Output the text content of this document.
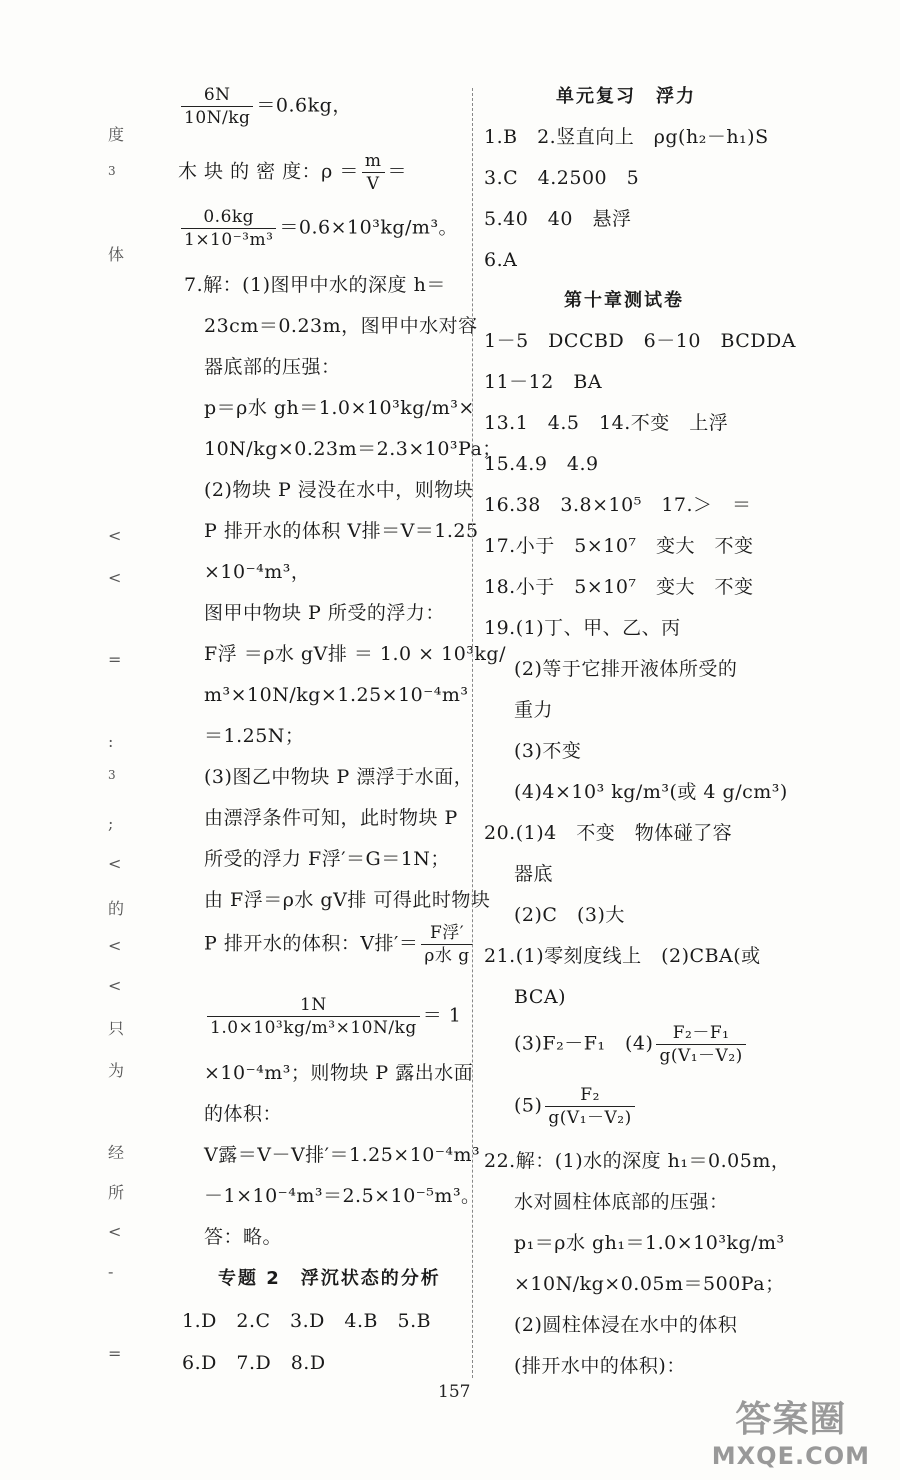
度
3
体
<
<
=
:
3
;
<
的
<
<
只
为
经
所
<
-
=
$\frac{6N}{10N/kg} =0.6kg$，
木 块 的 密 度：$\rho = \frac{m}{V}$ ＝
$\frac{0.6kg}{\text{1×10⁻³m³}} =0.6\times 10^3kg/m^3$。
7.解：(1)图甲中水的深度 h＝
23cm＝0.23m，图甲中水对容
器底部的压强：
p＝ρ水 gh＝1.0×10³kg/m³×
10N/kg×0.23m＝2.3×10³Pa；
(2)物块 P 浸没在水中，则物块
P 排开水的体积 V排＝V＝1.25
×10⁻⁴m³，
图甲中物块 P 所受的浮力：
F浮 ＝ρ水 gV排 ＝ 1.0 × 10³kg/
m³×10N/kg×1.25×10⁻⁴m³
＝1.25N；
(3)图乙中物块 P 漂浮于水面，
由漂浮条件可知，此时物块 P
所受的浮力 F浮′＝G＝1N；
由 F浮＝ρ水 gV排 可得此时物块
P 排开水的体积：V排′＝ $\frac{\text{F浮′}}{\text{ρ水 g}}$
$\frac{1N}{\text{1.0×10³kg/m³×10N/kg}} = 1$
×10⁻⁴m³；则物块 P 露出水面
的体积：
V露＝V－V排′＝1.25×10⁻⁴m³
－1×10⁻⁴m³＝2.5×10⁻⁵m³。
答：略。
专题 2　浮沉状态的分析
1.D　2.C　3.D　4.B　5.B
6.D　7.D　8.D
单元复习　浮力
1.B　2.竖直向上　ρg(h₂－h₁)S
3.C　4.2500　5
5.40　40　悬浮
6.A
第十章测试卷
1－5　DCCBD　6－10　BCDDA
11－12　BA
13.1　4.5　14.不变　上浮
15.4.9　4.9
16.38　3.8×10⁵　17.＞　＝
17.小于　5×10⁷　变大　不变
18.小于　5×10⁷　变大　不变
19.(1)丁、甲、乙、丙
(2)等于它排开液体所受的
重力
(3)不变
(4)4×10³ kg/m³(或 4 g/cm³)
20.(1)4　不变　物体碰了容
器底
(2)C　(3)大
21.(1)零刻度线上　(2)CBA(或
BCA)
(3)F₂－F₁　$(4) \frac{\text{F₂－F₁}}{\text{g(V₁－V₂)}}$
$(5) \frac{\text{F₂}}{\text{g(V₁－V₂)}}$
22.解：(1)水的深度 h₁＝0.05m，
水对圆柱体底部的压强：
p₁＝ρ水 gh₁＝1.0×10³kg/m³
×10N/kg×0.05m＝500Pa；
(2)圆柱体浸在水中的体积
(排开水中的体积)：
157
答案圈
MXQE.COM
